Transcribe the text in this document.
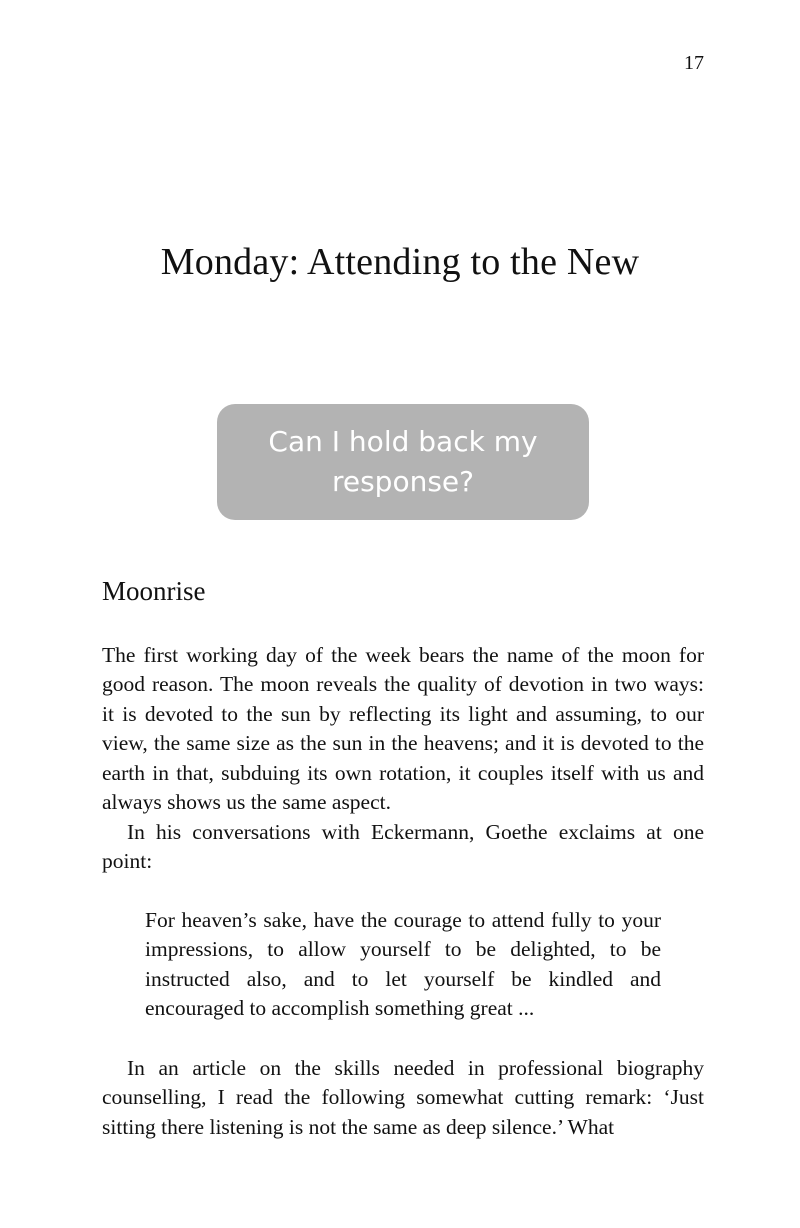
17
Monday: Attending to the New
Can I hold back my response?
Moonrise

The first working day of the week bears the name of the moon for good reason. The moon reveals the quality of devotion in two ways: it is devoted to the sun by reflecting its light and assuming, to our view, the same size as the sun in the heavens; and it is devoted to the earth in that, subduing its own rotation, it couples itself with us and always shows us the same aspect.

In his conversations with Eckermann, Goethe exclaims at one point:

For heaven’s sake, have the courage to attend fully to your impressions, to allow yourself to be delighted, to be instructed also, and to let yourself be kindled and encouraged to accomplish something great ...

In an article on the skills needed in professional biography counselling, I read the following somewhat cutting remark: ‘Just sitting there listening is not the same as deep silence.’ What
